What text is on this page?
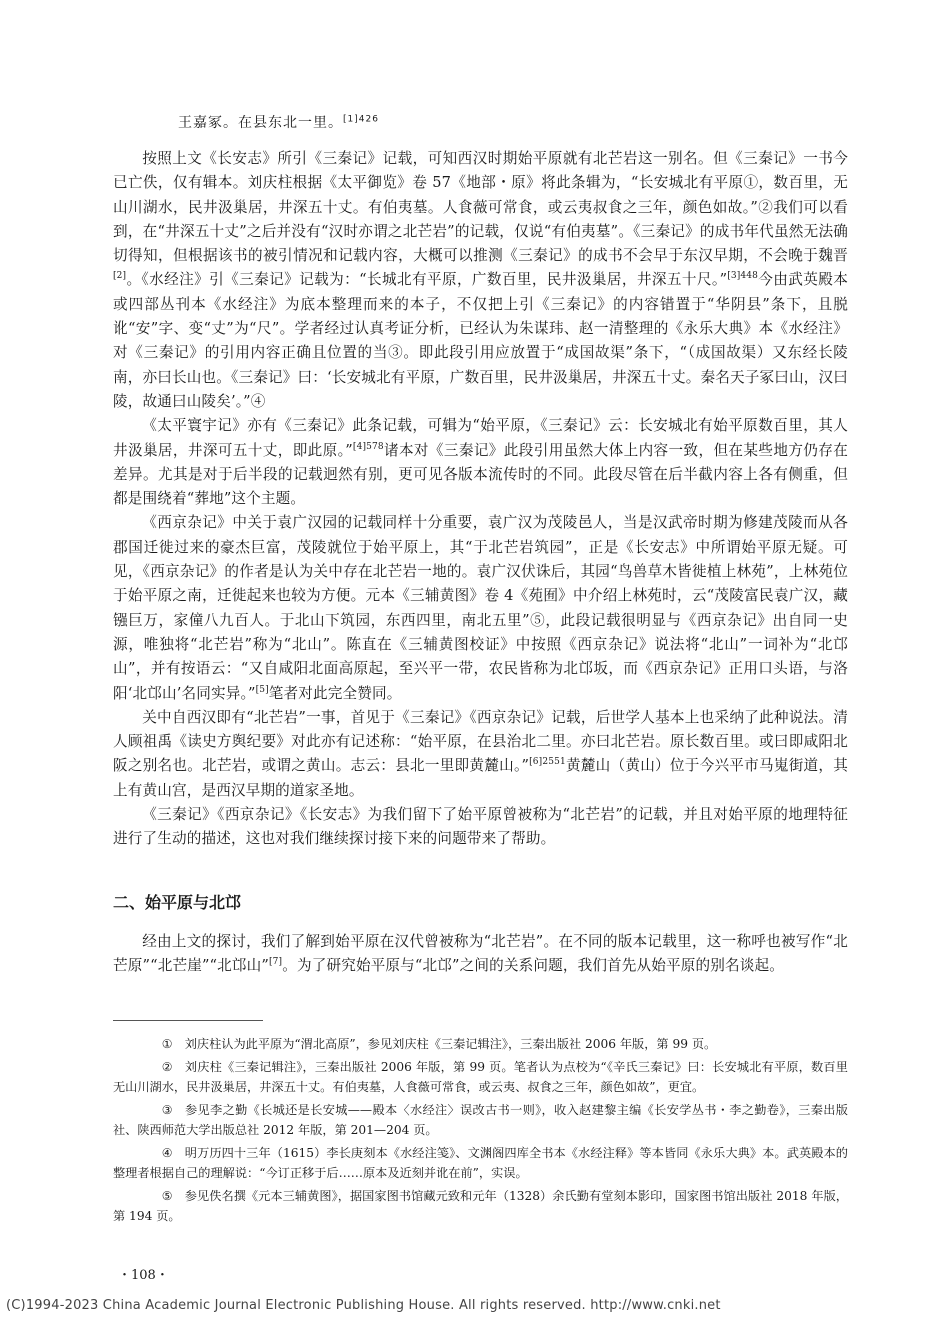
王嘉冢。在县东北一里。$^{[1]426}$

按照上文《长安志》所引《三秦记》记载，可知西汉时期始平原就有北芒岩这一别名。但《三秦记》一书今已亡佚，仅有辑本。刘庆柱根据《太平御览》卷 57《地部・原》将此条辑为，“长安城北有平原①，数百里，无山川湖水，民井汲巢居，井深五十丈。有伯夷墓。人食薇可常食，或云夷叔食之三年，颜色如故。”②我们可以看到，在“井深五十丈”之后并没有“汉时亦谓之北芒岩”的记载，仅说“有伯夷墓”。《三秦记》的成书年代虽然无法确切得知，但根据该书的被引情况和记载内容，大概可以推测《三秦记》的成书不会早于东汉早期，不会晚于魏晋[2]。《水经注》引《三秦记》记载为：“长城北有平原，广数百里，民井汲巢居，井深五十尺。”$^{[3]448}$今由武英殿本或四部丛刊本《水经注》为底本整理而来的本子，不仅把上引《三秦记》的内容错置于“华阴县”条下，且脱讹“安”字、变“丈”为“尺”。学者经过认真考证分析，已经认为朱谋玮、赵一清整理的《永乐大典》本《水经注》对《三秦记》的引用内容正确且位置的当③。即此段引用应放置于“成国故渠”条下，“（成国故渠）又东经长陵南，亦曰长山也。《三秦记》曰：‘长安城北有平原，广数百里，民井汲巢居，井深五十丈。秦名天子冢曰山，汉曰陵，故通曰山陵矣’。”④

《太平寰宇记》亦有《三秦记》此条记载，可辑为“始平原，《三秦记》云：长安城北有始平原数百里，其人井汲巢居，井深可五十丈，即此原。”$^{[4]578}$诸本对《三秦记》此段引用虽然大体上内容一致，但在某些地方仍存在差异。尤其是对于后半段的记载迥然有别，更可见各版本流传时的不同。此段尽管在后半截内容上各有侧重，但都是围绕着“葬地”这个主题。

《西京杂记》中关于袁广汉园的记载同样十分重要，袁广汉为茂陵邑人，当是汉武帝时期为修建茂陵而从各郡国迁徙过来的豪杰巨富，茂陵就位于始平原上，其“于北芒岩筑园”，正是《长安志》中所谓始平原无疑。可见，《西京杂记》的作者是认为关中存在北芒岩一地的。袁广汉伏诛后，其园“鸟兽草木皆徙植上林苑”，上林苑位于始平原之南，迁徙起来也较为方便。元本《三辅黄图》卷 4《苑囿》中介绍上林苑时，云“茂陵富民袁广汉，藏镪巨万，家僮八九百人。于北山下筑园，东西四里，南北五里”⑤，此段记载很明显与《西京杂记》出自同一史源，唯独将“北芒岩”称为“北山”。陈直在《三辅黄图校证》中按照《西京杂记》说法将“北山”一词补为“北邙山”，并有按语云：“又自咸阳北面高原起，至兴平一带，农民皆称为北邙坂，而《西京杂记》正用口头语，与洛阳‘北邙山’名同实异。”[5]笔者对此完全赞同。

关中自西汉即有“北芒岩”一事，首见于《三秦记》《西京杂记》记载，后世学人基本上也采纳了此种说法。清人顾祖禹《读史方舆纪要》对此亦有记述称：“始平原，在县治北二里。亦曰北芒岩。原长数百里。或曰即咸阳北阪之别名也。北芒岩，或谓之黄山。志云：县北一里即黄麓山。”$^{[6]2551}$黄麓山（黄山）位于今兴平市马嵬街道，其上有黄山宫，是西汉早期的道家圣地。

《三秦记》《西京杂记》《长安志》为我们留下了始平原曾被称为“北芒岩”的记载，并且对始平原的地理特征进行了生动的描述，这也对我们继续探讨接下来的问题带来了帮助。

二、始平原与北邙

经由上文的探讨，我们了解到始平原在汉代曾被称为“北芒岩”。在不同的版本记载里，这一称呼也被写作“北芒原”“北芒崖”“北邙山”[7]。为了研究始平原与“北邙”之间的关系问题，我们首先从始平原的别名谈起。

① 刘庆柱认为此平原为“渭北高原”，参见刘庆柱《三秦记辑注》，三秦出版社 2006 年版，第 99 页。

② 刘庆柱《三秦记辑注》，三秦出版社 2006 年版，第 99 页。笔者认为点校为“《辛氏三秦记》曰：长安城北有平原，数百里无山川湖水，民井汲巢居，井深五十丈。有伯夷墓，人食薇可常食，或云夷、叔食之三年，颜色如故”，更宜。

③ 参见李之勤《长城还是长安城——殿本〈水经注〉误改古书一则》，收入赵建黎主编《长安学丛书・李之勤卷》，三秦出版社、陕西师范大学出版总社 2012 年版，第 201—204 页。

④ 明万历四十三年（1615）李长庚刻本《水经注笺》、文渊阁四库全书本《水经注释》等本皆同《永乐大典》本。武英殿本的整理者根据自己的理解说：“今订正移于后……原本及近刻并讹在前”，实误。

⑤ 参见佚名撰《元本三辅黄图》，据国家图书馆藏元致和元年（1328）余氏勤有堂刻本影印，国家图书馆出版社 2018 年版，第 194 页。

・108・
(C)1994-2023 China Academic Journal Electronic Publishing House. All rights reserved. http://www.cnki.net
